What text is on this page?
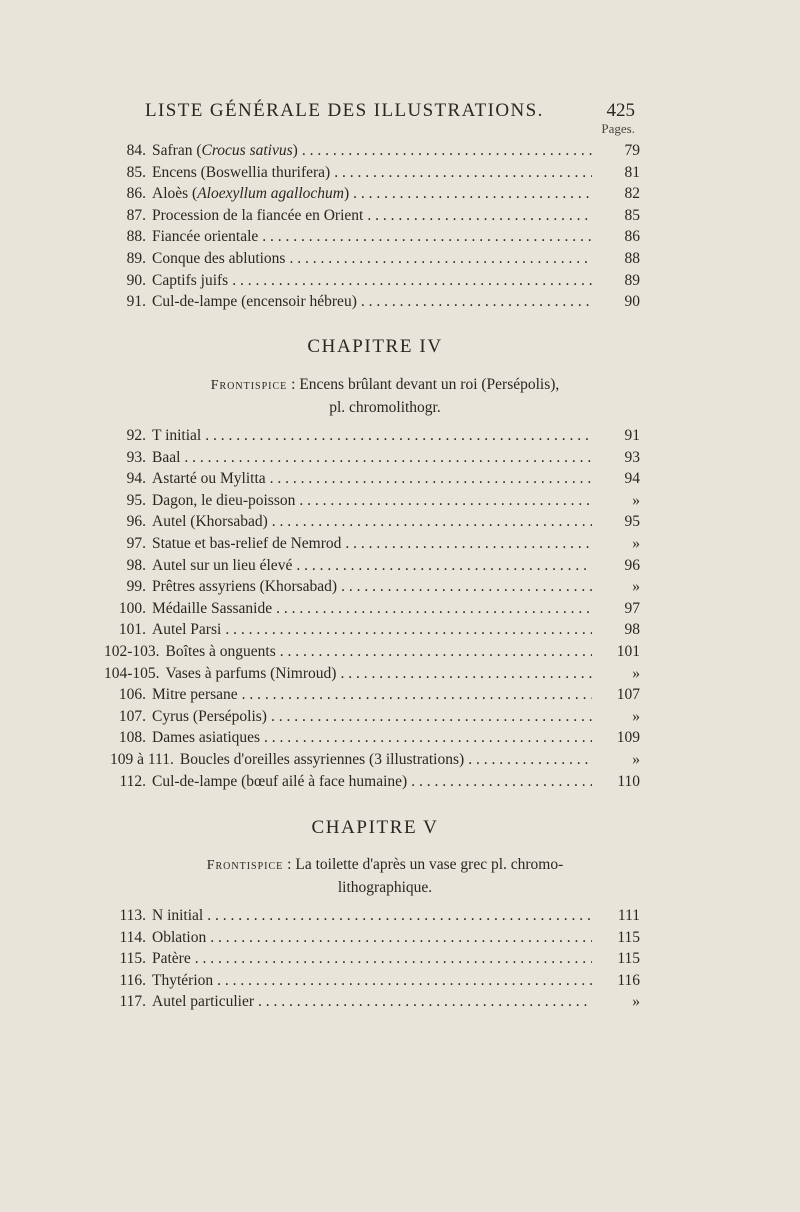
LISTE GÉNÉRALE DES ILLUSTRATIONS.	425
Pages.
84 . Safran (Crocus sativus) . . .	79
85 . Encens (Boswellia thurifera) . . .	81
86 . Aloès (Aloexyllum agallochum) . . .	82
87 . Procession de la fiancée en Orient . . .	85
88 . Fiancée orientale . . .	86
89 . Conque des ablutions . . .	88
90 . Captifs juifs . . .	89
91 . Cul-de-lampe (encensoir hébreu) . . .	90
CHAPITRE IV
Frontispice : Encens brûlant devant un roi (Persépolis),
pl. chromolithogr.
92 . T initial . . .	91
93 . Baal . . .	93
94 . Astarté ou Mylitta . . .	94
95 . Dagon, le dieu-poisson . . .	»
96 . Autel (Khorsabad) . . .	95
97 . Statue et bas-relief de Nemrod . . .	»
98 . Autel sur un lieu élevé . . .	96
99 . Prêtres assyriens (Khorsabad) . . .	»
100 . Médaille Sassanide . . .	97
101 . Autel Parsi . . .	98
102-103 . Boîtes à onguents . . .	101
104-105 . Vases à parfums (Nimroud) . . .	»
106 . Mitre persane . . .	107
107 . Cyrus (Persépolis) . . .	»
108 . Dames asiatiques . . .	109
109 à 111 . Boucles d'oreilles assyriennes (3 illustrations) . . .	»
112 . Cul-de-lampe (bœuf ailé à face humaine) . . .	110
CHAPITRE V
Frontispice : La toilette d'après un vase grec pl. chromo-
lithographique.
113 . N initial . . .	111
114 . Oblation . . .	115
115 . Patère . . .	115
116 . Thytérion . . .	116
117 . Autel particulier . . .	»
